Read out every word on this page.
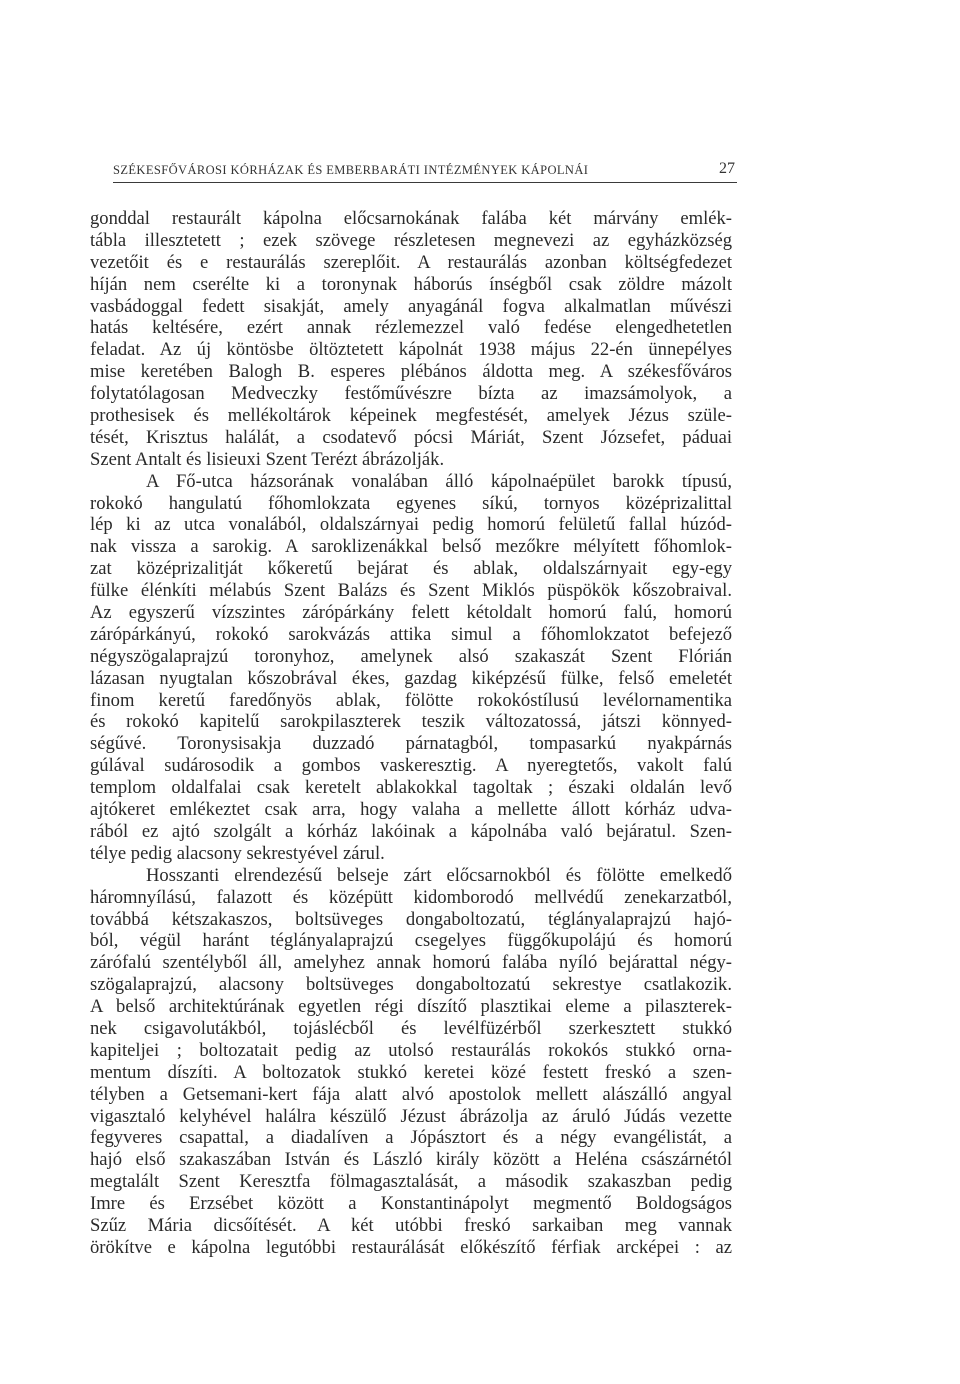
SZÉKESFŐVÁROSI KÓRHÁZAK ÉS EMBERBARÁTI INTÉZMÉNYEK KÁPOLNÁI	27
gonddal restaurált kápolna előcsarnokának falába két márvány emlék-
tábla illesztetett ; ezek szövege részletesen megnevezi az egyházközség
vezetőit és e restaurálás szereplőit. A restaurálás azonban költségfedezet
híján nem cserélte ki a toronynak háborús ínségből csak zöldre mázolt
vasbádoggal fedett sisakját, amely anyagánál fogva alkalmatlan művészi
hatás keltésére, ezért annak rézlemezzel való fedése elengedhetetlen
feladat. Az új köntösbe öltöztetett kápolnát 1938 május 22-én ünnepélyes
mise keretében Balogh B. esperes plébános áldotta meg. A székesfőváros
folytatólagosan Medveczky festőművészre bízta az imazsámolyok, a
prothesisek és mellékoltárok képeinek megfestését, amelyek Jézus szüle-
tését, Krisztus halálát, a csodatevő pócsi Máriát, Szent Józsefet, páduai
Szent Antalt és lisieuxi Szent Terézt ábrázolják.
A Fő-utca házsorának vonalában álló kápolnaépület barokk típusú,
rokokó hangulatú főhomlokzata egyenes síkú, tornyos középrizalittal
lép ki az utca vonalából, oldalszárnyai pedig homorú felületű fallal húzód-
nak vissza a sarokig. A saroklizenákkal belső mezőkre mélyített főhomlok-
zat középrizalitját kőkeretű bejárat és ablak, oldalszárnyait egy-egy
fülke élénkíti mélabús Szent Balázs és Szent Miklós püspökök kőszobraival.
Az egyszerű vízszintes zárópárkány felett kétoldalt homorú falú, homorú
zárópárkányú, rokokó sarokvázás attika simul a főhomlokzatot befejező
négyszögalaprajzú toronyhoz, amelynek alsó szakaszát Szent Flórián
lázasan nyugtalan kőszobrával ékes, gazdag kiképzésű fülke, felső emeletét
finom keretű faredőnyös ablak, fölötte rokokóstílusú levélornamentika
és rokokó kapitelű sarokpilaszterek teszik változatossá, játszi könnyed-
ségűvé. Toronysisakja duzzadó párnatagból, tompasarkú nyakpárnás
gúlával sudárosodik a gombos vaskeresztig. A nyeregtetős, vakolt falú
templom oldalfalai csak keretelt ablakokkal tagoltak ; északi oldalán levő
ajtókeret emlékeztet csak arra, hogy valaha a mellette állott kórház udva-
rából ez ajtó szolgált a kórház lakóinak a kápolnába való bejáratul. Szen-
télye pedig alacsony sekrestyével zárul.
Hosszanti elrendezésű belseje zárt előcsarnokból és fölötte emelkedő
háromnyílású, falazott és középütt kidomborodó mellvédű zenekarzatból,
továbbá kétszakaszos, boltsüveges dongaboltozatú, téglányalaprajzú hajó-
ból, végül haránt téglányalaprajzú csegelyes függőkupolájú és homorú
zárófalú szentélyből áll, amelyhez annak homorú falába nyíló bejárattal négy-
szögalaprajzú, alacsony boltsüveges dongaboltozatú sekrestye csatlakozik.
A belső architektúrának egyetlen régi díszítő plasztikai eleme a pilaszterek-
nek csigavolutákból, tojáslécből és levélfüzérből szerkesztett stukkó
kapiteljei ; boltozatait pedig az utolsó restaurálás rokokós stukkó orna-
mentum díszíti. A boltozatok stukkó keretei közé festett freskó a szen-
télyben a Getsemani-kert fája alatt alvó apostolok mellett alászálló angyal
vigasztaló kelyhével halálra készülő Jézust ábrázolja az áruló Júdás vezette
fegyveres csapattal, a diadalíven a Jópásztort és a négy evangélistát, a
hajó első szakaszában István és László király között a Heléna császárnétól
megtalált Szent Keresztfa fölmagasztalását, a második szakaszban pedig
Imre és Erzsébet között a Konstantinápolyt megmentő Boldogságos
Szűz Mária dicsőítését. A két utóbbi freskó sarkaiban meg vannak
örökítve e kápolna legutóbbi restaurálását előkészítő férfiak arcképei : az
